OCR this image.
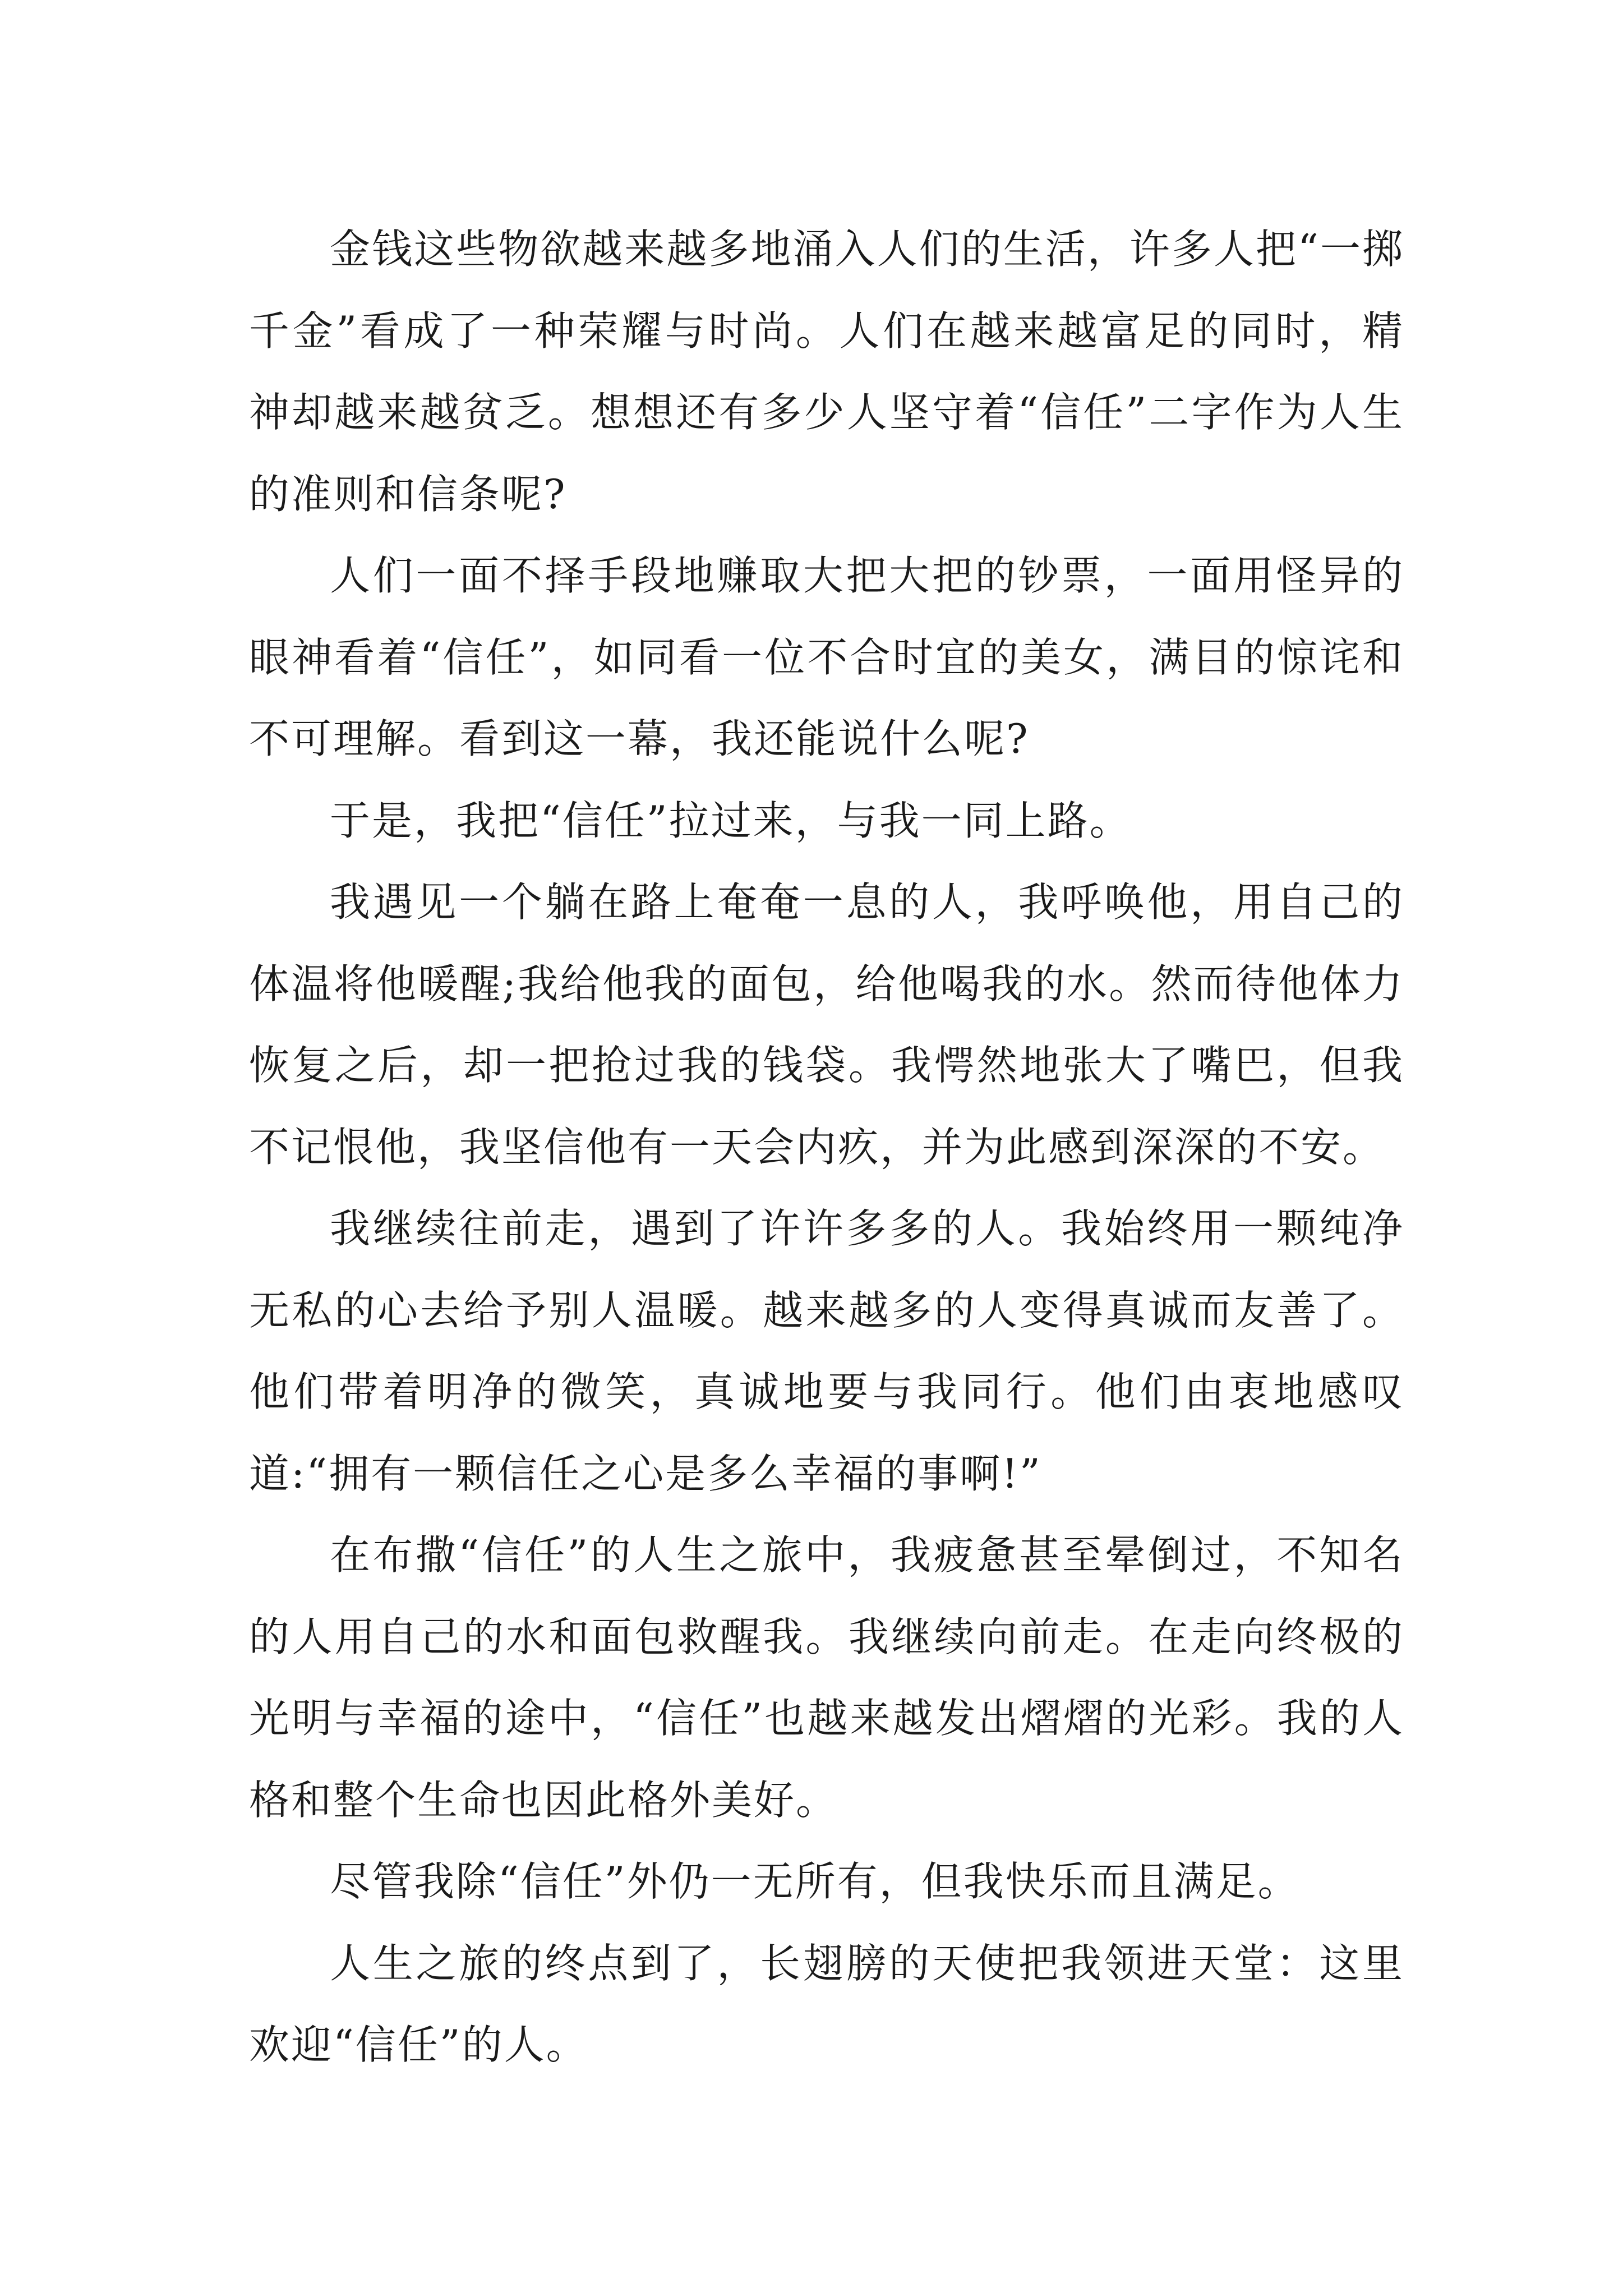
金钱这些物欲越来越多地涌入人们的生活，许多人把“一掷千金”看成了一种荣耀与时尚。人们在越来越富足的同时，精神却越来越贫乏。想想还有多少人坚守着“信任”二字作为人生的准则和信条呢?

人们一面不择手段地赚取大把大把的钞票，一面用怪异的眼神看着“信任”，如同看一位不合时宜的美女，满目的惊诧和不可理解。看到这一幕，我还能说什么呢?

于是，我把“信任”拉过来，与我一同上路。

我遇见一个躺在路上奄奄一息的人，我呼唤他，用自己的体温将他暖醒;我给他我的面包，给他喝我的水。然而待他体力恢复之后，却一把抢过我的钱袋。我愕然地张大了嘴巴，但我不记恨他，我坚信他有一天会内疚，并为此感到深深的不安。

我继续往前走，遇到了许许多多的人。我始终用一颗纯净无私的心去给予别人温暖。越来越多的人变得真诚而友善了。他们带着明净的微笑，真诚地要与我同行。他们由衷地感叹道:“拥有一颗信任之心是多么幸福的事啊!”

在布撒“信任”的人生之旅中，我疲惫甚至晕倒过，不知名的人用自己的水和面包救醒我。我继续向前走。在走向终极的光明与幸福的途中，“信任”也越来越发出熠熠的光彩。我的人格和整个生命也因此格外美好。

尽管我除“信任”外仍一无所有，但我快乐而且满足。

人生之旅的终点到了，长翅膀的天使把我领进天堂：这里欢迎“信任”的人。
